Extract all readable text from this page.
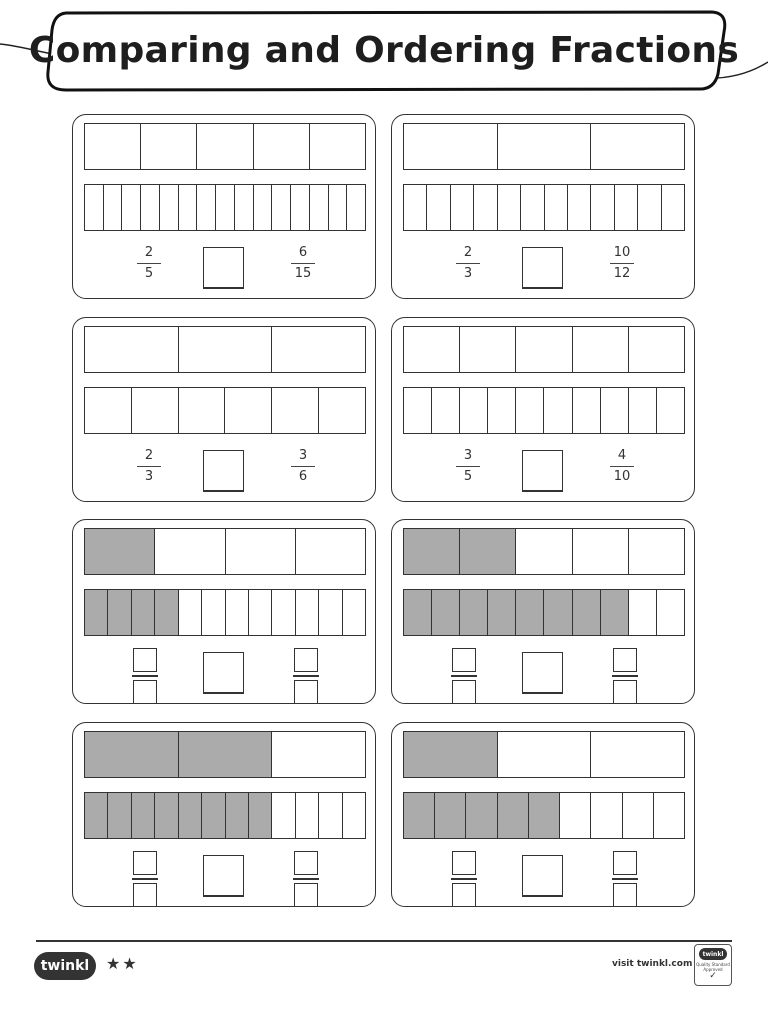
Comparing and Ordering Fractions
2
5
6
15
2
3
10
12
2
3
3
6
3
5
4
10
twinkl ★★	visit twinkl.com
twinkl
Quality Standard Approved
✓
